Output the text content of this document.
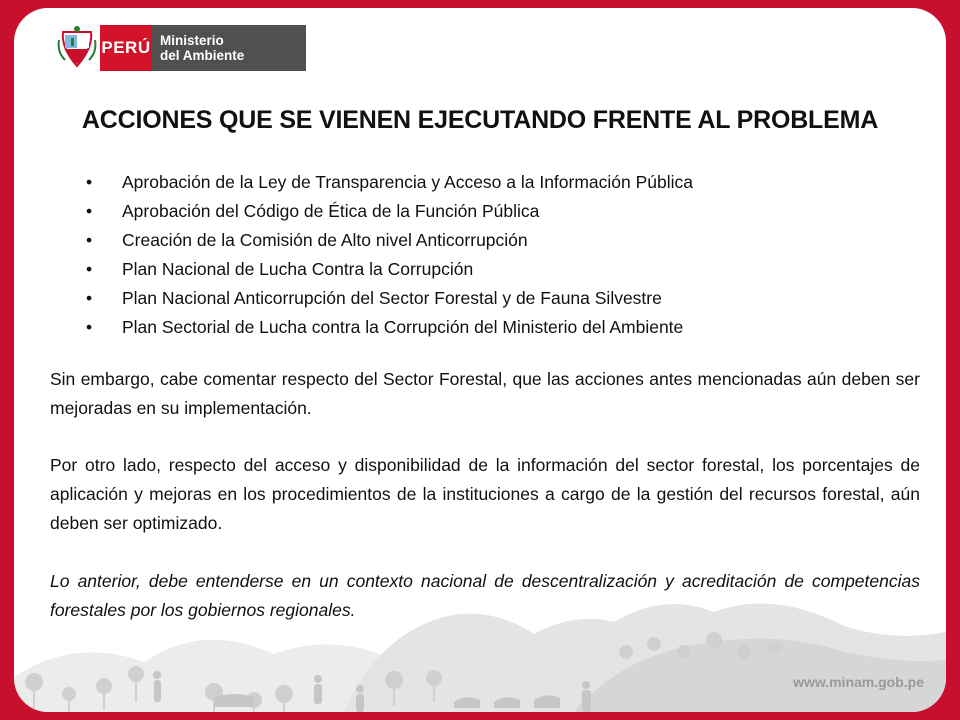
PERÚ Ministerio
del Ambiente
ACCIONES QUE SE VIENEN EJECUTANDO FRENTE AL PROBLEMA
• Aprobación de la Ley de Transparencia y Acceso a la Información Pública
• Aprobación del Código de Ética de la Función Pública
• Creación de la Comisión de Alto nivel Anticorrupción
• Plan Nacional de Lucha Contra la Corrupción
• Plan Nacional Anticorrupción del Sector Forestal y de Fauna Silvestre
• Plan Sectorial de Lucha contra la Corrupción del Ministerio del Ambiente

Sin embargo, cabe comentar respecto del Sector Forestal, que las acciones antes mencionadas aún deben ser mejoradas en su implementación.

Por otro lado, respecto del acceso y disponibilidad de la información del sector forestal, los porcentajes de aplicación y mejoras en los procedimientos de la instituciones a cargo de la gestión del recursos forestal, aún deben ser optimizado.

Lo anterior, debe entenderse en un contexto nacional de descentralización y acreditación de competencias forestales por los gobiernos regionales.

www.minam.gob.pe
